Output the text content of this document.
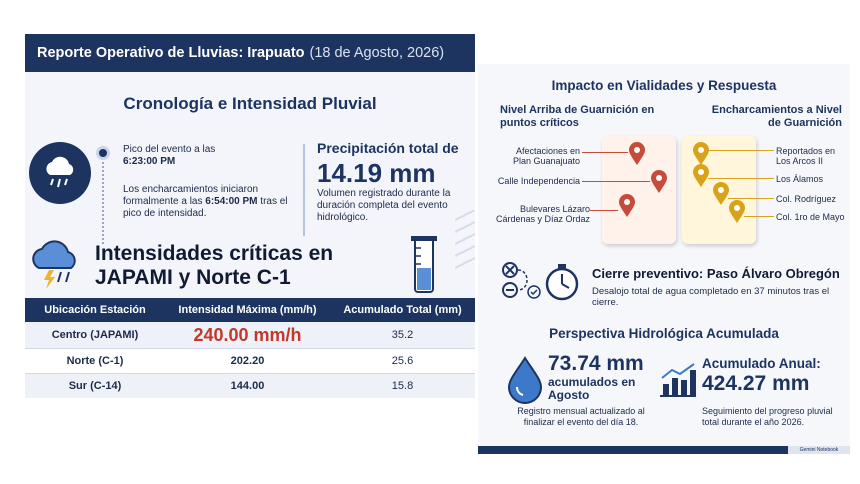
Reporte Operativo de Lluvias: Irapuato (18 de Agosto, 2026)
Cronología e Intensidad Pluvial
Pico del evento a las
6:23:00 PM
Los encharcamientos iniciaron formalmente a las 6:54:00 PM tras el pico de intensidad.
Precipitación total de
14.19 mm
Volumen registrado durante la duración completa del evento hidrológico.
Intensidades críticas en JAPAMI y Norte C-1
Ubicación Estación	Intensidad Máxima (mm/h)	Acumulado Total (mm)
Centro (JAPAMI)	240.00 mm/h	35.2
Norte (C-1)	202.20	25.6
Sur (C-14)	144.00	15.8
Impacto en Vialidades y Respuesta
Nivel Arriba de Guarnición en puntos críticos
Encharcamientos a Nivel de Guarnición
Afectaciones en Plan Guanajuato
Calle Independencia
Bulevares Lázaro Cárdenas y Díaz Ordaz
Reportados en Los Arcos II
Los Álamos
Col. Rodríguez
Col. 1ro de Mayo
Cierre preventivo: Paso Álvaro Obregón
Desalojo total de agua completado en 37 minutos tras el cierre.
Perspectiva Hidrológica Acumulada
73.74 mm
acumulados en Agosto
Registro mensual actualizado al finalizar el evento del día 18.
Acumulado Anual:
424.27 mm
Seguimiento del progreso pluvial total durante el año 2026.
Gemini Notebook
